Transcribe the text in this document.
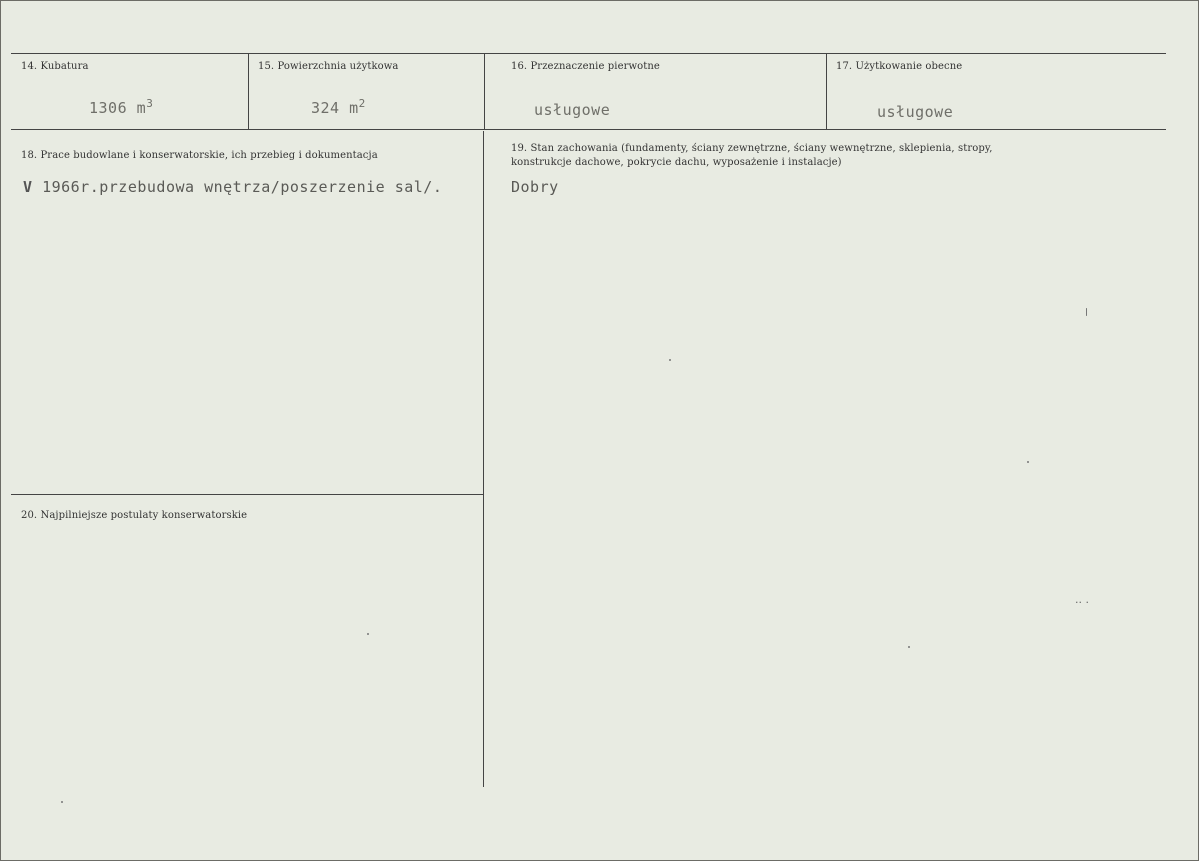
14. Kubatura
1306 $m^3$
15. Powierzchnia użytkowa
324 $m^2$
16. Przeznaczenie pierwotne
usługowe
17. Użytkowanie obecne
usługowe
18. Prace budowlane i konserwatorskie, ich przebieg i dokumentacja
V 1966r.przebudowa wnętrza/poszerzenie sal/.
19. Stan zachowania (fundamenty, ściany zewnętrzne, ściany wewnętrzne, sklepienia, stropy,
konstrukcje dachowe, pokrycie dachu, wyposażenie i instalacje)
Dobry
20. Najpilniejsze postulaty konserwatorskie
·· ·
